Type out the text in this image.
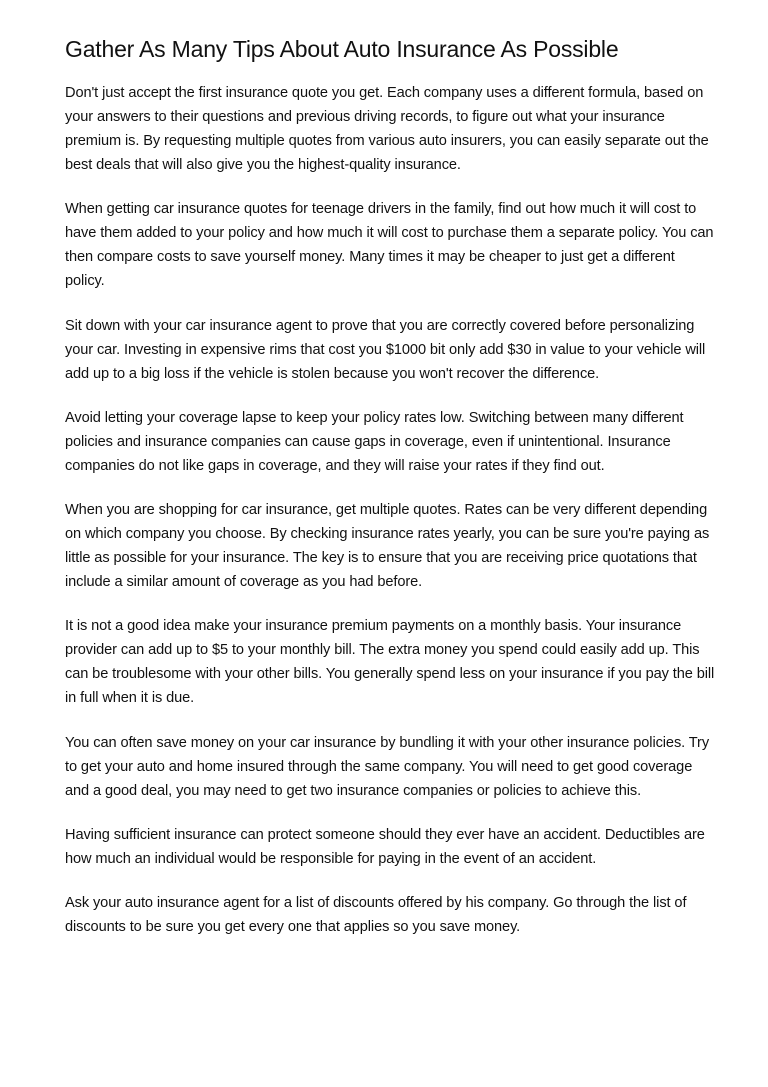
Gather As Many Tips About Auto Insurance As Possible

Don't just accept the first insurance quote you get. Each company uses a different formula, based on your answers to their questions and previous driving records, to figure out what your insurance premium is. By requesting multiple quotes from various auto insurers, you can easily separate out the best deals that will also give you the highest-quality insurance.

When getting car insurance quotes for teenage drivers in the family, find out how much it will cost to have them added to your policy and how much it will cost to purchase them a separate policy. You can then compare costs to save yourself money. Many times it may be cheaper to just get a different policy.

Sit down with your car insurance agent to prove that you are correctly covered before personalizing your car. Investing in expensive rims that cost you $1000 bit only add $30 in value to your vehicle will add up to a big loss if the vehicle is stolen because you won't recover the difference.

Avoid letting your coverage lapse to keep your policy rates low. Switching between many different policies and insurance companies can cause gaps in coverage, even if unintentional. Insurance companies do not like gaps in coverage, and they will raise your rates if they find out.

When you are shopping for car insurance, get multiple quotes. Rates can be very different depending on which company you choose. By checking insurance rates yearly, you can be sure you're paying as little as possible for your insurance. The key is to ensure that you are receiving price quotations that include a similar amount of coverage as you had before.

It is not a good idea make your insurance premium payments on a monthly basis. Your insurance provider can add up to $5 to your monthly bill. The extra money you spend could easily add up. This can be troublesome with your other bills. You generally spend less on your insurance if you pay the bill in full when it is due.

You can often save money on your car insurance by bundling it with your other insurance policies. Try to get your auto and home insured through the same company. You will need to get good coverage and a good deal, you may need to get two insurance companies or policies to achieve this.

Having sufficient insurance can protect someone should they ever have an accident. Deductibles are how much an individual would be responsible for paying in the event of an accident.

Ask your auto insurance agent for a list of discounts offered by his company. Go through the list of discounts to be sure you get every one that applies so you save money.
